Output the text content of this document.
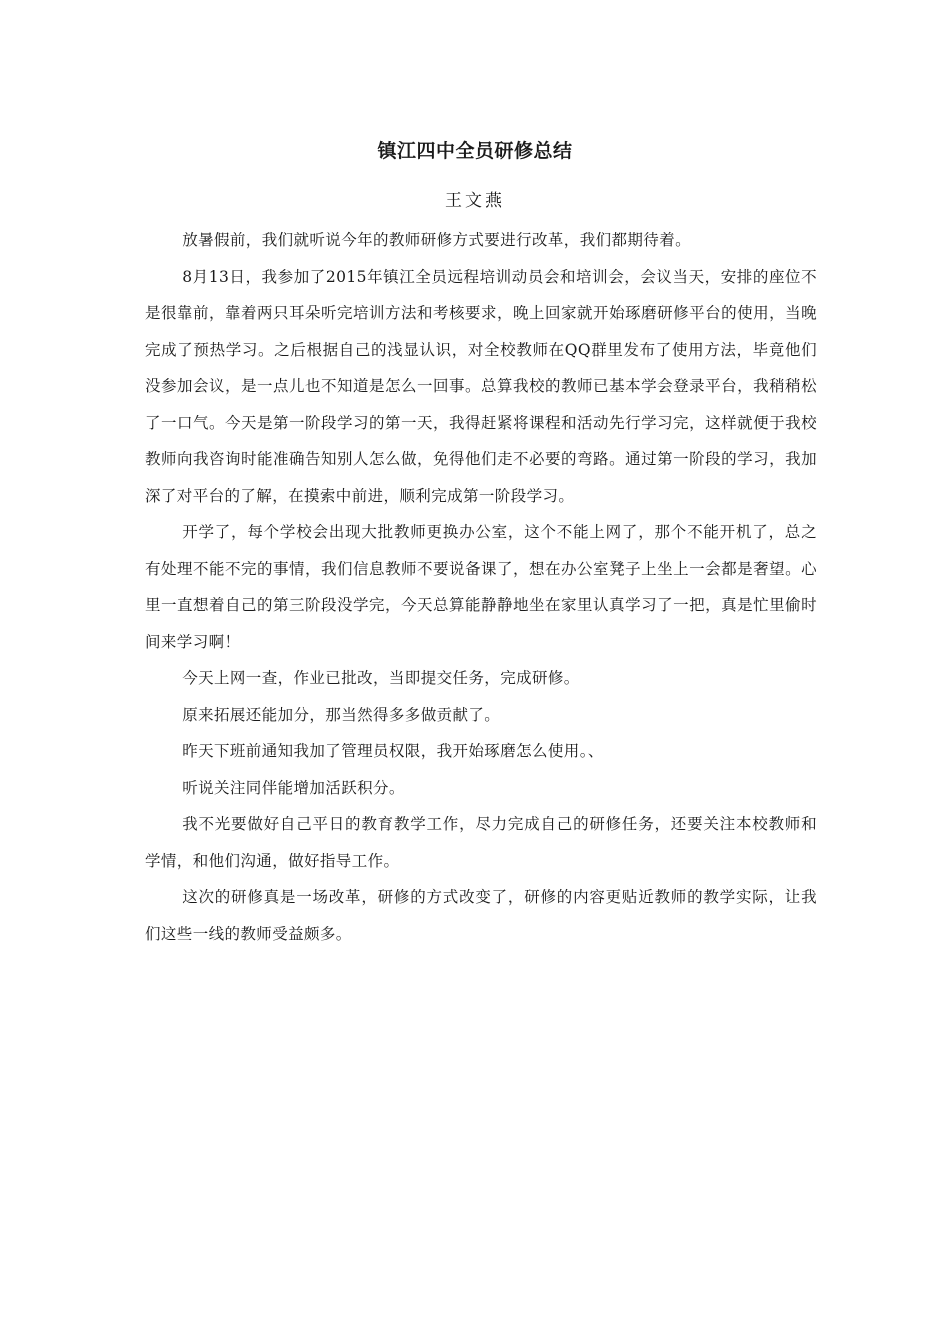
镇江四中全员研修总结
王文燕

放暑假前，我们就听说今年的教师研修方式要进行改革，我们都期待着。

8月13日，我参加了2015年镇江全员远程培训动员会和培训会，会议当天，安排的座位不是很靠前，靠着两只耳朵听完培训方法和考核要求，晚上回家就开始琢磨研修平台的使用，当晚完成了预热学习。之后根据自己的浅显认识，对全校教师在QQ群里发布了使用方法，毕竟他们没参加会议，是一点儿也不知道是怎么一回事。总算我校的教师已基本学会登录平台，我稍稍松了一口气。今天是第一阶段学习的第一天，我得赶紧将课程和活动先行学习完，这样就便于我校教师向我咨询时能准确告知别人怎么做，免得他们走不必要的弯路。通过第一阶段的学习，我加深了对平台的了解，在摸索中前进，顺利完成第一阶段学习。

开学了，每个学校会出现大批教师更换办公室，这个不能上网了，那个不能开机了，总之有处理不能不完的事情，我们信息教师不要说备课了，想在办公室凳子上坐上一会都是奢望。心里一直想着自己的第三阶段没学完，今天总算能静静地坐在家里认真学习了一把，真是忙里偷时间来学习啊！

今天上网一查，作业已批改，当即提交任务，完成研修。

原来拓展还能加分，那当然得多多做贡献了。

昨天下班前通知我加了管理员权限，我开始琢磨怎么使用。、

听说关注同伴能增加活跃积分。

我不光要做好自己平日的教育教学工作，尽力完成自己的研修任务，还要关注本校教师和学情，和他们沟通，做好指导工作。

这次的研修真是一场改革，研修的方式改变了，研修的内容更贴近教师的教学实际，让我们这些一线的教师受益颇多。
